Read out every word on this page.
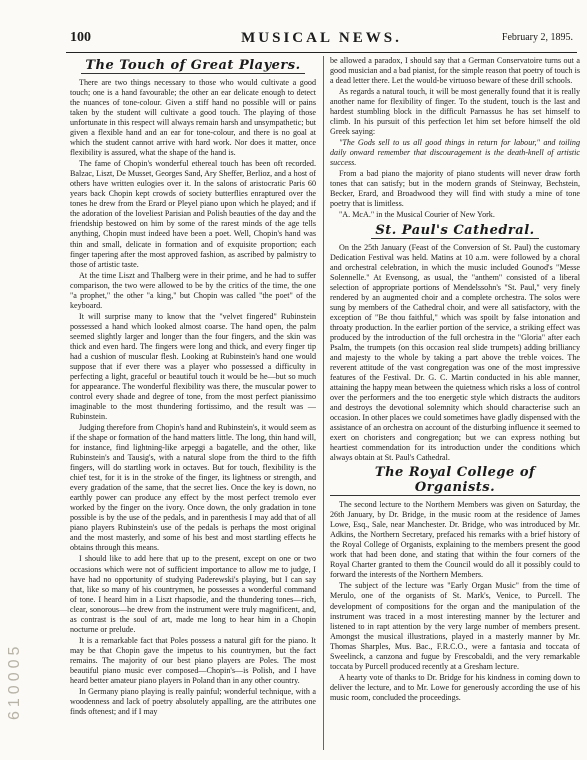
100	MUSICAL NEWS.	February 2, 1895.
The Touch of Great Players.

There are two things necessary to those who would cultivate a good touch; one is a hand favourable; the other an ear delicate enough to detect the nuances of tone-colour. Given a stiff hand no possible will or pains taken by the student will cultivate a good touch. The playing of those unfortunate in this respect will always remain harsh and unsympathetic; but given a flexible hand and an ear for tone-colour, and there is no goal at which the student cannot arrive with hard work. Nor does it matter, once flexibility is assured, what the shape of the hand is.

The fame of Chopin's wonderful ethereal touch has been oft recorded. Balzac, Liszt, De Musset, Georges Sand, Ary Sheffer, Berlioz, and a host of others have written eulogies over it. In the salons of aristocratic Paris 60 years back Chopin kept crowds of society butterflies enraptured over the tones he drew from the Erard or Pleyel piano upon which he played; and if the adoration of the loveliest Parisian and Polish beauties of the day and the friendship bestowed on him by some of the rarest minds of the age tells anything, Chopin must indeed have been a poet. Well, Chopin's hand was thin and small, delicate in formation and of exquisite proportion; each finger tapering after the most approved fashion, as ascribed by palmistry to those of artistic taste.

At the time Liszt and Thalberg were in their prime, and he had to suffer comparison, the two were allowed to be by the critics of the time, the one "a prophet," the other "a king," but Chopin was called "the poet" of the keyboard.

It will surprise many to know that the "velvet fingered" Rubinstein possessed a hand which looked almost coarse. The hand open, the palm seemed slightly larger and longer than the four fingers, and the skin was thick and even hard. The fingers were long and thick, and every finger tip had a cushion of muscular flesh. Looking at Rubinstein's hand one would suppose that if ever there was a player who possessed a difficulty in perfecting a light, graceful or beautiful touch it would be he—but so much for appearance. The wonderful flexibility was there, the muscular power to control every shade and degree of tone, from the most perfect pianissimo imaginable to the most thundering fortissimo, and the result was —Rubinstein.

Judging therefore from Chopin's hand and Rubinstein's, it would seem as if the shape or formation of the hand matters little. The long, thin hand will, for instance, find lightning-like arpeggi a bagatelle, and the other, like Rubinstein's and Tausig's, with a natural slope from the third to the fifth fingers, will do startling work in octaves. But for touch, flexibility is the chief test, for it is in the stroke of the finger, its lightness or strength, and every gradation of the same, that the secret lies. Once the key is down, no earthly power can produce any effect by the most perfect tremolo ever worked by the finger on the ivory. Once down, the only gradation in tone possible is by the use of the pedals, and in parenthesis I may add that of all piano players Rubinstein's use of the pedals is perhaps the most original and the most masterly, and some of his best and most startling effects he obtains through this means.

I should like to add here that up to the present, except on one or two occasions which were not of sufficient importance to allow me to judge, I have had no opportunity of studying Paderewski's playing, but I can say that, like so many of his countrymen, he possesses a wonderful command of tone. I heard him in a Liszt rhapsodie, and the thundering tones—rich, clear, sonorous—he drew from the instrument were truly magnificent, and, as contrast is the soul of art, made me long to hear him in a Chopin nocturne or prelude.

It is a remarkable fact that Poles possess a natural gift for the piano. It may be that Chopin gave the impetus to his countrymen, but the fact remains. The majority of our best piano players are Poles. The most beautiful piano music ever composed—Chopin's—is Polish, and I have heard better amateur piano players in Poland than in any other country.

In Germany piano playing is really painful; wonderful technique, with a woodenness and lack of poetry absolutely appalling, are the attributes one finds oftenest; and if I may

be allowed a paradox, I should say that a German Conservatoire turns out a good musician and a bad pianist, for the simple reason that poetry of touch is a dead letter there. Let the would-be virtuoso beware of these drill schools.

As regards a natural touch, it will be most generally found that it is really another name for flexibility of finger. To the student, touch is the last and hardest stumbling block in the difficult Parnassus he has set himself to climb. In his pursuit of this perfection let him set before himself the old Greek saying:

"The Gods sell to us all good things in return for labour," and toiling daily onward remember that discouragement is the death-knell of artistic success.

From a bad piano the majority of piano students will never draw forth tones that can satisfy; but in the modern grands of Steinway, Bechstein, Becker, Erard, and Broadwood they will find with study a mine of tone poetry that is limitless.

"A. McA." in the Musical Courier of New York.

St. Paul's Cathedral.

On the 25th January (Feast of the Conversion of St. Paul) the customary Dedication Festival was held. Matins at 10 a.m. were followed by a choral and orchestral celebration, in which the music included Gounod's "Messe Solennelle." At Evensong, as usual, the "anthem" consisted of a liberal selection of appropriate portions of Mendelssohn's "St. Paul," very finely rendered by an augmented choir and a complete orchestra. The solos were sung by members of the Cathedral choir, and were all satisfactory, with the exception of "Be thou faithful," which was spoilt by false intonation and throaty production. In the earlier portion of the service, a striking effect was produced by the introduction of the full orchestra in the "Gloria" after each Psalm, the trumpets (on this occasion real slide trumpets) adding brilliancy and majesty to the whole by taking a part above the treble voices. The reverent attitude of the vast congregation was one of the most impressive features of the Festival. Dr. G. C. Martin conducted in his able manner, attaining the happy mean between the quietness which risks a loss of control over the performers and the too energetic style which distracts the auditors and destroys the devotional solemnity which should characterise such an occasion. In other places we could sometimes have gladly dispensed with the assistance of an orchestra on account of the disturbing influence it seemed to exert on choristers and congregation; but we can express nothing but heartiest commendation for its introduction under the conditions which always obtain at St. Paul's Cathedral.

The Royal College of Organists.

The second lecture to the Northern Members was given on Saturday, the 26th January, by Dr. Bridge, in the music room at the residence of James Lowe, Esq., Sale, near Manchester. Dr. Bridge, who was introduced by Mr. Adkins, the Northern Secretary, prefaced his remarks with a brief history of the Royal College of Organists, explaining to the members present the good work that had been done, and stating that within the four corners of the Royal Charter granted to them the Council would do all it possibly could to forward the interests of the Northern Members.

The subject of the lecture was "Early Organ Music" from the time of Merulo, one of the organists of St. Mark's, Venice, to Purcell. The development of compositions for the organ and the manipulation of the instrument was traced in a most interesting manner by the lecturer and listened to in rapt attention by the very large number of members present. Amongst the musical illustrations, played in a masterly manner by Mr. Thomas Sharples, Mus. Bac., F.R.C.O., were a fantasia and toccata of Sweelinck, a canzona and fugue by Frescobaldi, and the very remarkable toccata by Purcell produced recently at a Gresham lecture.

A hearty vote of thanks to Dr. Bridge for his kindness in coming down to deliver the lecture, and to Mr. Lowe for generously according the use of his music room, concluded the proceedings.

610005
